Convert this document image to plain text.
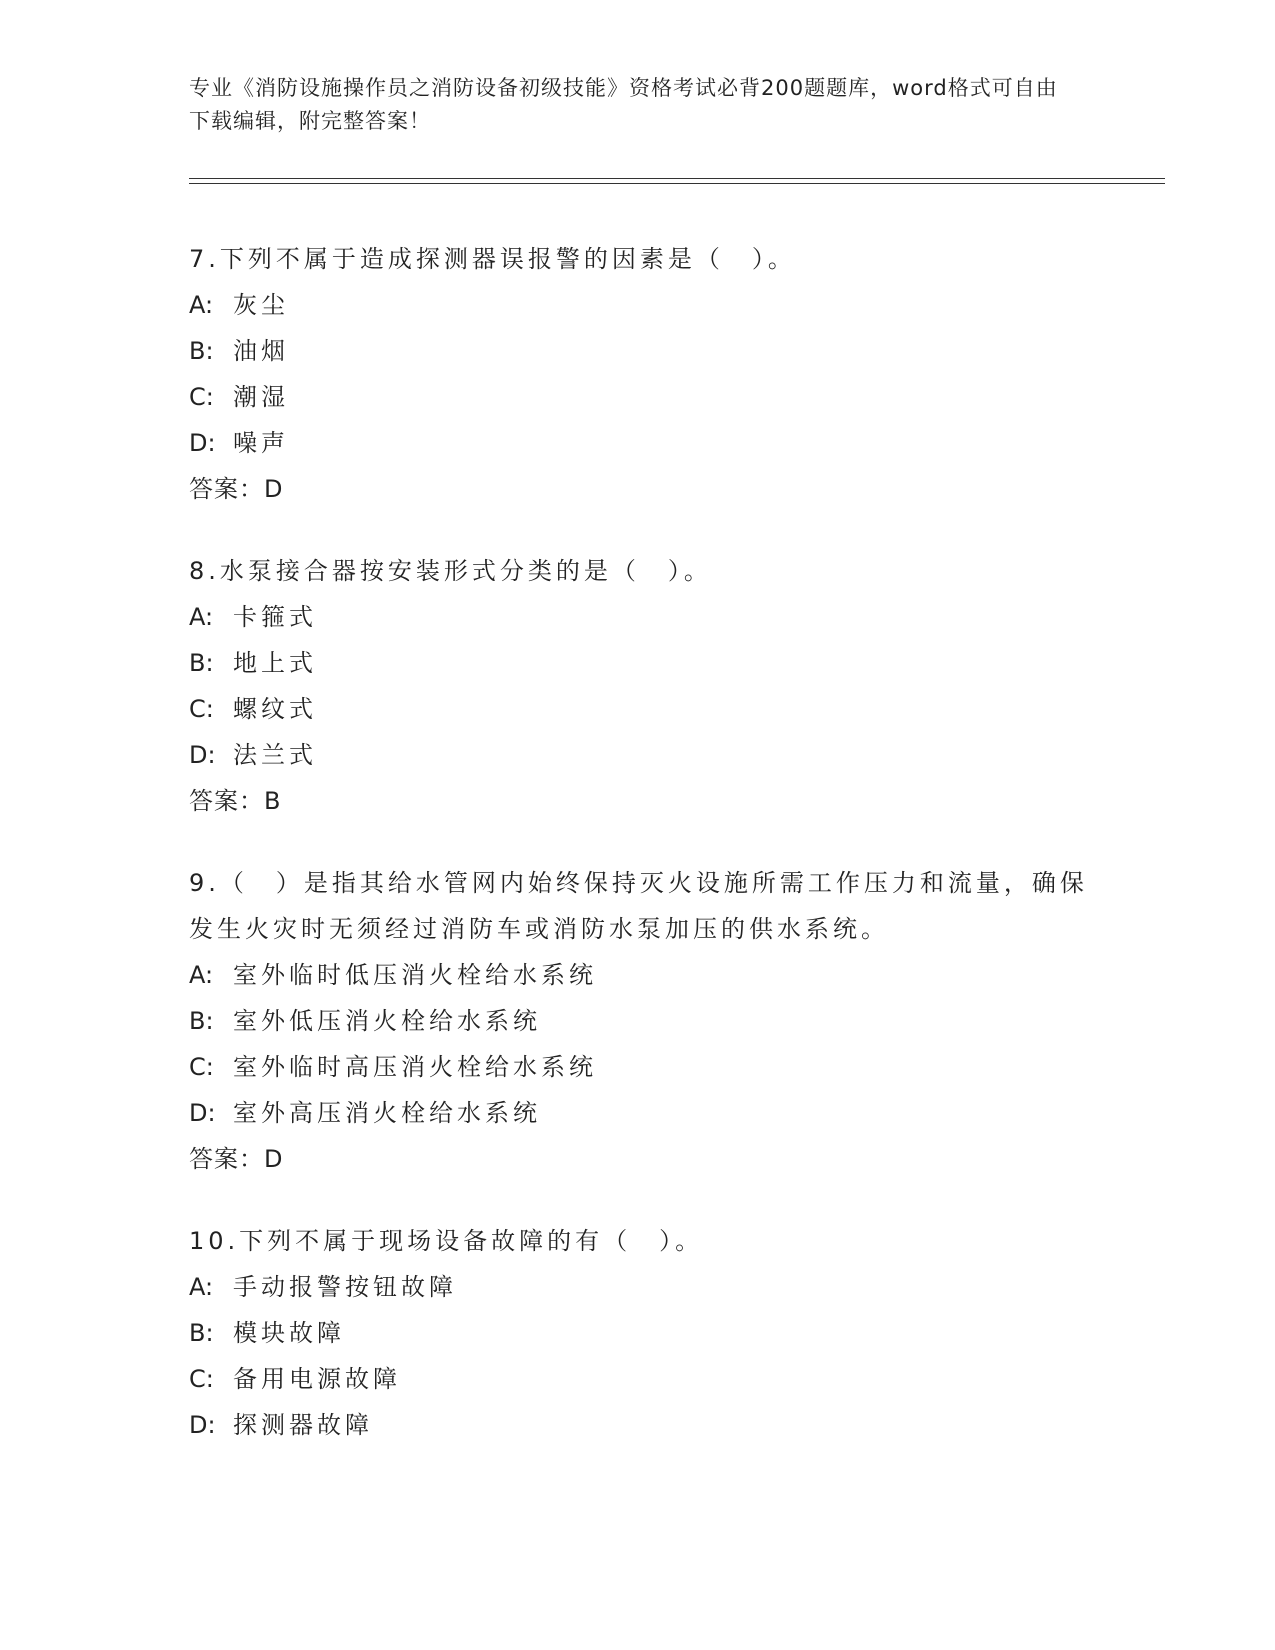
专业《消防设施操作员之消防设备初级技能》资格考试必背200题题库，word格式可自由下载编辑，附完整答案！
7.下列不属于造成探测器误报警的因素是（　）。
A: 灰尘
B: 油烟
C: 潮湿
D: 噪声
答案：D
8.水泵接合器按安装形式分类的是（　）。
A: 卡箍式
B: 地上式
C: 螺纹式
D: 法兰式
答案：B
9.（　）是指其给水管网内始终保持灭火设施所需工作压力和流量，确保发生火灾时无须经过消防车或消防水泵加压的供水系统。
A: 室外临时低压消火栓给水系统
B: 室外低压消火栓给水系统
C: 室外临时高压消火栓给水系统
D: 室外高压消火栓给水系统
答案：D
10.下列不属于现场设备故障的有（　）。
A: 手动报警按钮故障
B: 模块故障
C: 备用电源故障
D: 探测器故障
